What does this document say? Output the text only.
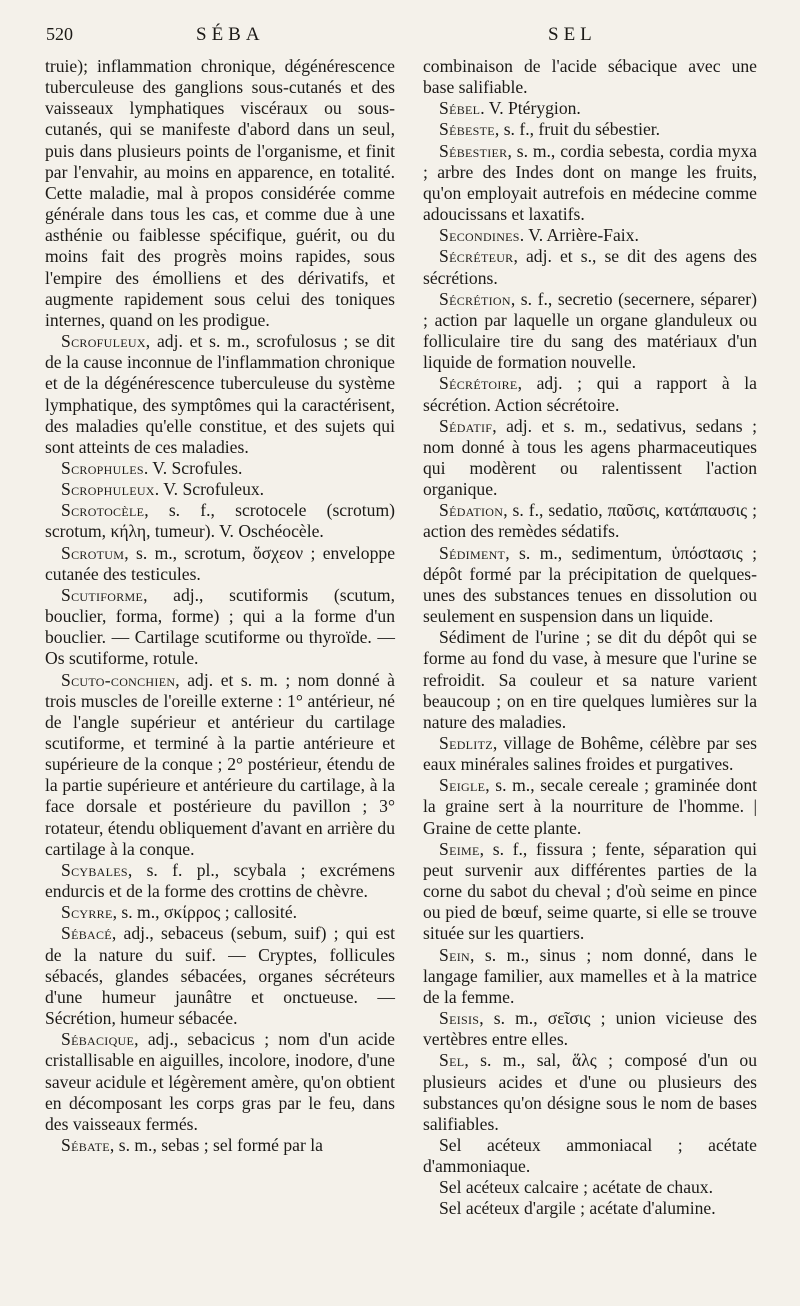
520	SÉBA	SEL

truie); inflammation chronique, dégénérescence tuberculeuse des ganglions sous-cutanés et des vaisseaux lymphatiques viscéraux ou sous-cutanés, qui se manifeste d'abord dans un seul, puis dans plusieurs points de l'organisme, et finit par l'envahir, au moins en apparence, en totalité. Cette maladie, mal à propos considérée comme générale dans tous les cas, et comme due à une asthénie ou faiblesse spécifique, guérit, ou du moins fait des progrès moins rapides, sous l'empire des émolliens et des dérivatifs, et augmente rapidement sous celui des toniques internes, quand on les prodigue.

Scrofuleux, adj. et s. m., scrofulosus ; se dit de la cause inconnue de l'inflammation chronique et de la dégénérescence tuberculeuse du système lymphatique, des symptômes qui la caractérisent, des maladies qu'elle constitue, et des sujets qui sont atteints de ces maladies.

Scrophules. V. Scrofules.

Scrophuleux. V. Scrofuleux.

Scrotocèle, s. f., scrotocele (scrotum) scrotum, κήλη, tumeur). V. Oschéocèle.

Scrotum, s. m., scrotum, ὄσχεον ; enveloppe cutanée des testicules.

Scutiforme, adj., scutiformis (scutum, bouclier, forma, forme) ; qui a la forme d'un bouclier. — Cartilage scutiforme ou thyroïde. — Os scutiforme, rotule.

Scuto-conchien, adj. et s. m. ; nom donné à trois muscles de l'oreille externe : 1° antérieur, né de l'angle supérieur et antérieur du cartilage scutiforme, et terminé à la partie antérieure et supérieure de la conque ; 2° postérieur, étendu de la partie supérieure et antérieure du cartilage, à la face dorsale et postérieure du pavillon ; 3° rotateur, étendu obliquement d'avant en arrière du cartilage à la conque.

Scybales, s. f. pl., scybala ; excrémens endurcis et de la forme des crottins de chèvre.

Scyrre, s. m., σκίρρος ; callosité.

Sébacé, adj., sebaceus (sebum, suif) ; qui est de la nature du suif. — Cryptes, follicules sébacés, glandes sébacées, organes sécréteurs d'une humeur jaunâtre et onctueuse. — Sécrétion, humeur sébacée.

Sébacique, adj., sebacicus ; nom d'un acide cristallisable en aiguilles, incolore, inodore, d'une saveur acidule et légèrement amère, qu'on obtient en décomposant les corps gras par le feu, dans des vaisseaux fermés.

Sébate, s. m., sebas ; sel formé par la

combinaison de l'acide sébacique avec une base salifiable.

Sébel. V. Ptérygion.

Sébeste, s. f., fruit du sébestier.

Sébestier, s. m., cordia sebesta, cordia myxa ; arbre des Indes dont on mange les fruits, qu'on employait autrefois en médecine comme adoucissans et laxatifs.

Secondines. V. Arrière-Faix.

Sécréteur, adj. et s., se dit des agens des sécrétions.

Sécrétion, s. f., secretio (secernere, séparer) ; action par laquelle un organe glanduleux ou folliculaire tire du sang des matériaux d'un liquide de formation nouvelle.

Sécrétoire, adj. ; qui a rapport à la sécrétion. Action sécrétoire.

Sédatif, adj. et s. m., sedativus, sedans ; nom donné à tous les agens pharmaceutiques qui modèrent ou ralentissent l'action organique.

Sédation, s. f., sedatio, παῦσις, κατάπαυσις ; action des remèdes sédatifs.

Sédiment, s. m., sedimentum, ὑπόσtασις ; dépôt formé par la précipitation de quelques-unes des substances tenues en dissolution ou seulement en suspension dans un liquide.

Sédiment de l'urine ; se dit du dépôt qui se forme au fond du vase, à mesure que l'urine se refroidit. Sa couleur et sa nature varient beaucoup ; on en tire quelques lumières sur la nature des maladies.

Sedlitz, village de Bohême, célèbre par ses eaux minérales salines froides et purgatives.

Seigle, s. m., secale cereale ; graminée dont la graine sert à la nourriture de l'homme. | Graine de cette plante.

Seime, s. f., fissura ; fente, séparation qui peut survenir aux différentes parties de la corne du sabot du cheval ; d'où seime en pince ou pied de bœuf, seime quarte, si elle se trouve située sur les quartiers.

Sein, s. m., sinus ; nom donné, dans le langage familier, aux mamelles et à la matrice de la femme.

Seisis, s. m., σεῖσις ; union vicieuse des vertèbres entre elles.

Sel, s. m., sal, ἅλς ; composé d'un ou plusieurs acides et d'une ou plusieurs des substances qu'on désigne sous le nom de bases salifiables.

Sel acéteux ammoniacal ; acétate d'ammoniaque.

Sel acéteux calcaire ; acétate de chaux.

Sel acéteux d'argile ; acétate d'alumine.
